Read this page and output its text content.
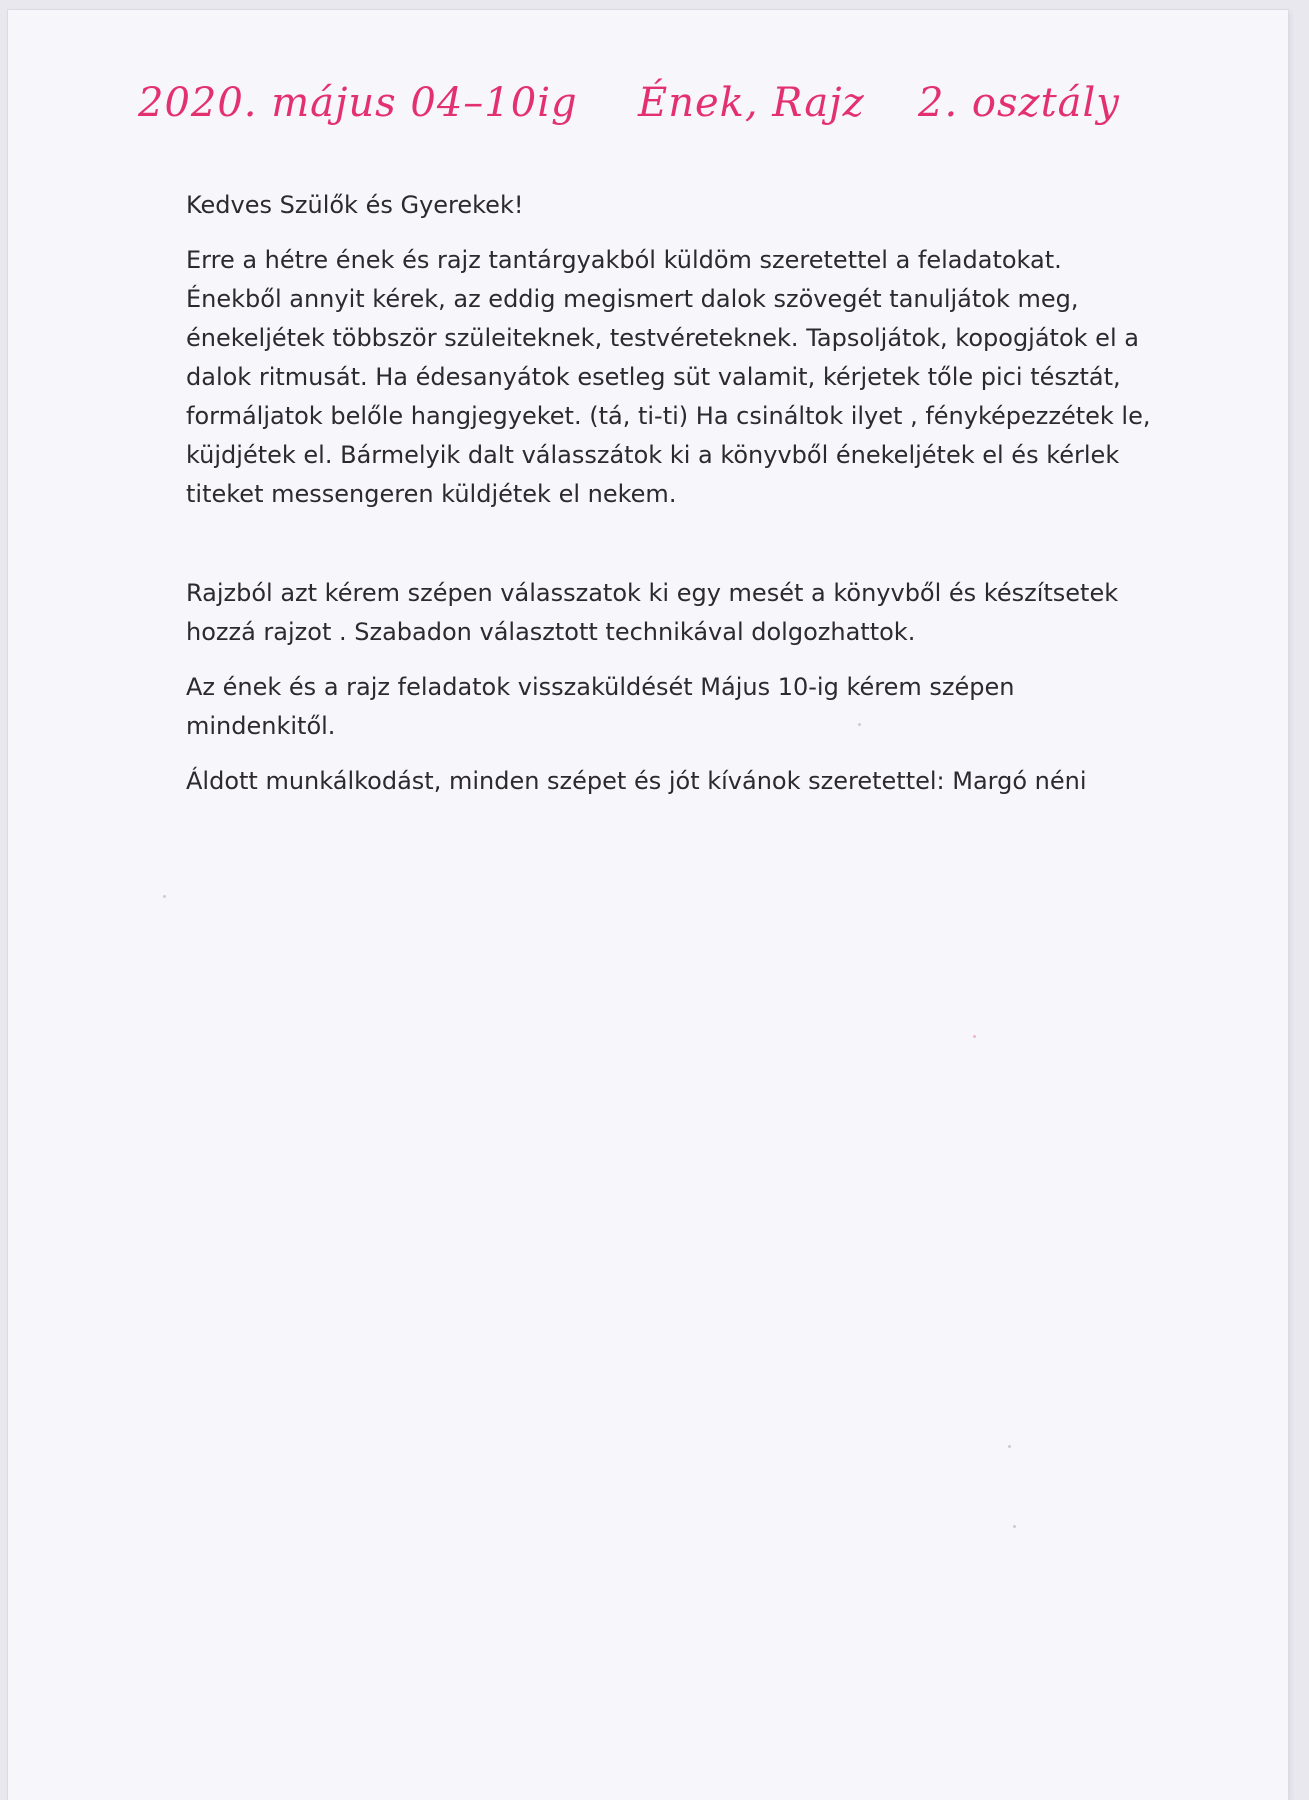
2020. május 04–10ig Ének, Rajz 2. osztály

Kedves Szülők és Gyerekek!

Erre a hétre ének és rajz tantárgyakból küldöm szeretettel a feladatokat.
Énekből annyit kérek, az eddig megismert dalok szövegét tanuljátok meg,
énekeljétek többször szüleiteknek, testvéreteknek. Tapsoljátok, kopogjátok el a
dalok ritmusát. Ha édesanyátok esetleg süt valamit, kérjetek tőle pici tésztát,
formáljatok belőle hangjegyeket. (tá, ti-ti) Ha csináltok ilyet , fényképezzétek le,
küjdjétek el. Bármelyik dalt válasszátok ki a könyvből énekeljétek el és kérlek
titeket messengeren küldjétek el nekem.

Rajzból azt kérem szépen válasszatok ki egy mesét a könyvből és készítsetek
hozzá rajzot . Szabadon választott technikával dolgozhattok.

Az ének és a rajz feladatok visszaküldését Május 10-ig kérem szépen
mindenkitől.

Áldott munkálkodást, minden szépet és jót kívánok szeretettel: Margó néni
